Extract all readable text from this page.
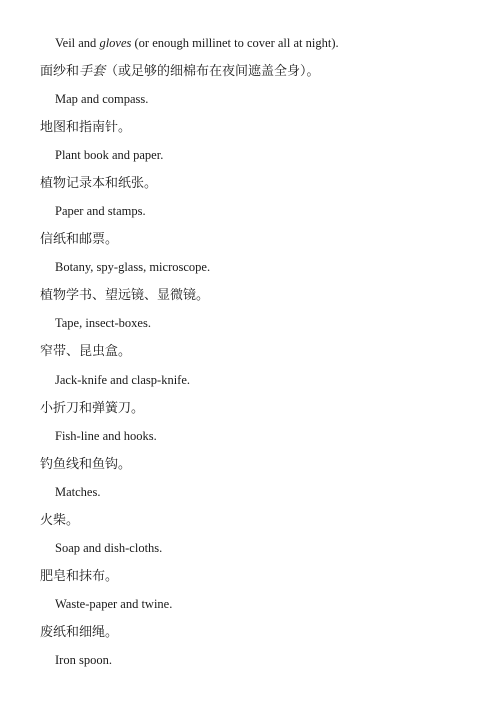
Veil and gloves (or enough millinet to cover all at night).
面纱和手套（或足够的细棉布在夜间遮盖全身）。
Map and compass.
地图和指南针。
Plant book and paper.
植物记录本和纸张。
Paper and stamps.
信纸和邮票。
Botany, spy-glass, microscope.
植物学书、望远镜、显微镜。
Tape, insect-boxes.
窄带、昆虫盒。
Jack-knife and clasp-knife.
小折刀和弹簧刀。
Fish-line and hooks.
钓鱼线和鱼钩。
Matches.
火柴。
Soap and dish-cloths.
肥皂和抹布。
Waste-paper and twine.
废纸和细绳。
Iron spoon.
